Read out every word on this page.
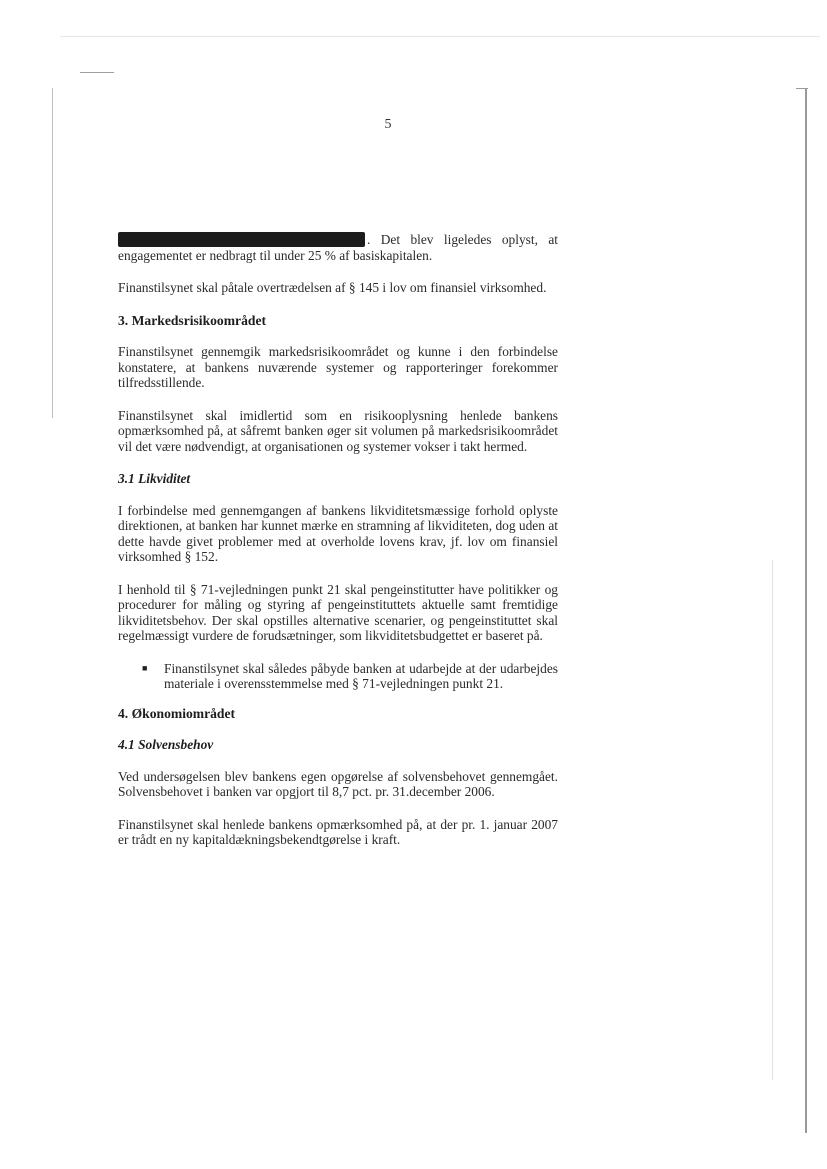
5

. Det blev ligeledes oplyst, at engagementet er nedbragt til under 25 % af basiskapitalen.

Finanstilsynet skal påtale overtrædelsen af § 145 i lov om finansiel virksomhed.

3. Markedsrisikoområdet

Finanstilsynet gennemgik markedsrisikoområdet og kunne i den forbindelse konstatere, at bankens nuværende systemer og rapporteringer forekommer tilfredsstillende.

Finanstilsynet skal imidlertid som en risikooplysning henlede bankens opmærksomhed på, at såfremt banken øger sit volumen på markedsrisikoområdet vil det være nødvendigt, at organisationen og systemer vokser i takt hermed.

3.1 Likviditet

I forbindelse med gennemgangen af bankens likviditetsmæssige forhold oplyste direktionen, at banken har kunnet mærke en stramning af likviditeten, dog uden at dette havde givet problemer med at overholde lovens krav, jf. lov om finansiel virksomhed § 152.

I henhold til § 71-vejledningen punkt 21 skal pengeinstitutter have politikker og procedurer for måling og styring af pengeinstituttets aktuelle samt fremtidige likviditetsbehov. Der skal opstilles alternative scenarier, og pengeinstituttet skal regelmæssigt vurdere de forudsætninger, som likviditetsbudgettet er baseret på.

■	Finanstilsynet skal således påbyde banken at udarbejde at der udarbejdes materiale i overensstemmelse med § 71-vejledningen punkt 21.
4. Økonomiområdet
4.1 Solvensbehov

Ved undersøgelsen blev bankens egen opgørelse af solvensbehovet gennemgået. Solvensbehovet i banken var opgjort til 8,7 pct. pr. 31.december 2006.

Finanstilsynet skal henlede bankens opmærksomhed på, at der pr. 1. januar 2007 er trådt en ny kapitaldækningsbekendtgørelse i kraft.
